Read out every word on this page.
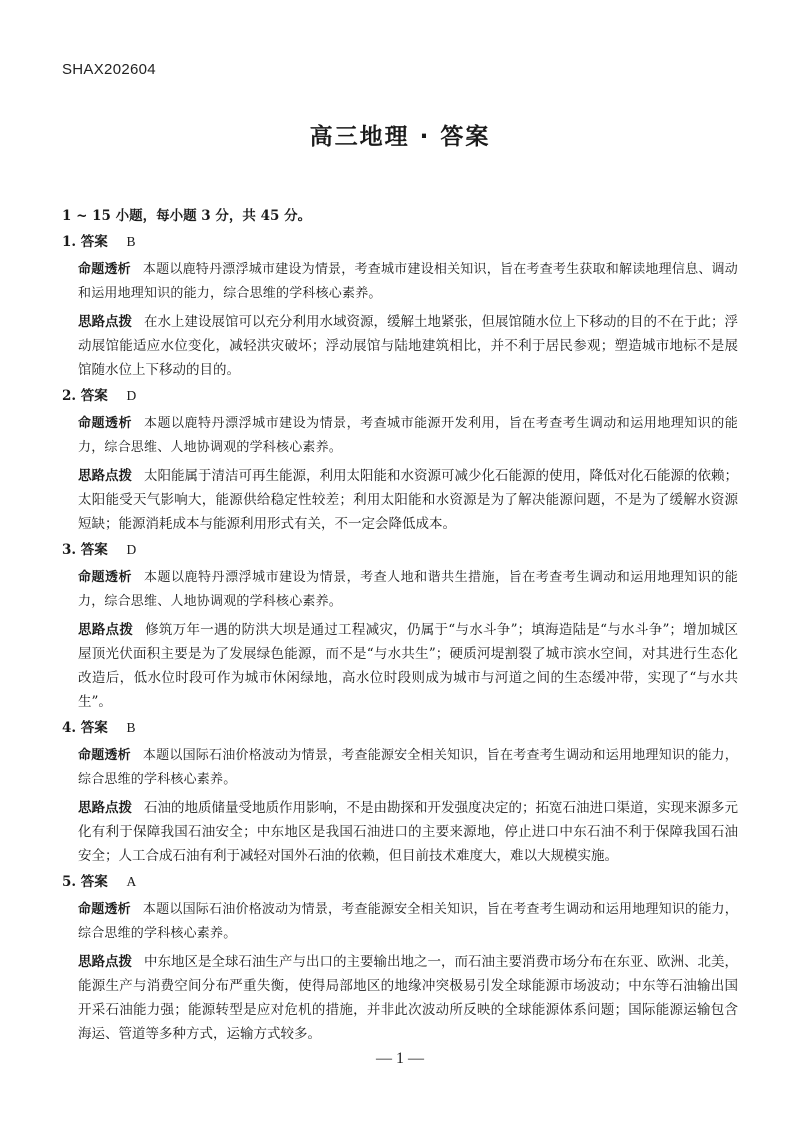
SHAX202604
高三地理 · 答案
1 ~ 15 小题，每小题 3 分，共 45 分。
1. 答案 B
命题透析 本题以鹿特丹漂浮城市建设为情景，考查城市建设相关知识，旨在考查考生获取和解读地理信息、调动和运用地理知识的能力，综合思维的学科核心素养。
思路点拨 在水上建设展馆可以充分利用水域资源，缓解土地紧张，但展馆随水位上下移动的目的不在于此；浮动展馆能适应水位变化，减轻洪灾破坏；浮动展馆与陆地建筑相比，并不利于居民参观；塑造城市地标不是展馆随水位上下移动的目的。
2. 答案 D
命题透析 本题以鹿特丹漂浮城市建设为情景，考查城市能源开发利用，旨在考查考生调动和运用地理知识的能力，综合思维、人地协调观的学科核心素养。
思路点拨 太阳能属于清洁可再生能源，利用太阳能和水资源可减少化石能源的使用，降低对化石能源的依赖；太阳能受天气影响大，能源供给稳定性较差；利用太阳能和水资源是为了解决能源问题，不是为了缓解水资源短缺；能源消耗成本与能源利用形式有关，不一定会降低成本。
3. 答案 D
命题透析 本题以鹿特丹漂浮城市建设为情景，考查人地和谐共生措施，旨在考查考生调动和运用地理知识的能力，综合思维、人地协调观的学科核心素养。
思路点拨 修筑万年一遇的防洪大坝是通过工程减灾，仍属于“与水斗争”；填海造陆是“与水斗争”；增加城区屋顶光伏面积主要是为了发展绿色能源，而不是“与水共生”；硬质河堤割裂了城市滨水空间，对其进行生态化改造后，低水位时段可作为城市休闲绿地，高水位时段则成为城市与河道之间的生态缓冲带，实现了“与水共生”。
4. 答案 B
命题透析 本题以国际石油价格波动为情景，考查能源安全相关知识，旨在考查考生调动和运用地理知识的能力，综合思维的学科核心素养。
思路点拨 石油的地质储量受地质作用影响，不是由勘探和开发强度决定的；拓宽石油进口渠道，实现来源多元化有利于保障我国石油安全；中东地区是我国石油进口的主要来源地，停止进口中东石油不利于保障我国石油安全；人工合成石油有利于减轻对国外石油的依赖，但目前技术难度大，难以大规模实施。
5. 答案 A
命题透析 本题以国际石油价格波动为情景，考查能源安全相关知识，旨在考查考生调动和运用地理知识的能力，综合思维的学科核心素养。
思路点拨 中东地区是全球石油生产与出口的主要输出地之一，而石油主要消费市场分布在东亚、欧洲、北美，能源生产与消费空间分布严重失衡，使得局部地区的地缘冲突极易引发全球能源市场波动；中东等石油输出国开采石油能力强；能源转型是应对危机的措施，并非此次波动所反映的全球能源体系问题；国际能源运输包含海运、管道等多种方式，运输方式较多。
— 1 —
